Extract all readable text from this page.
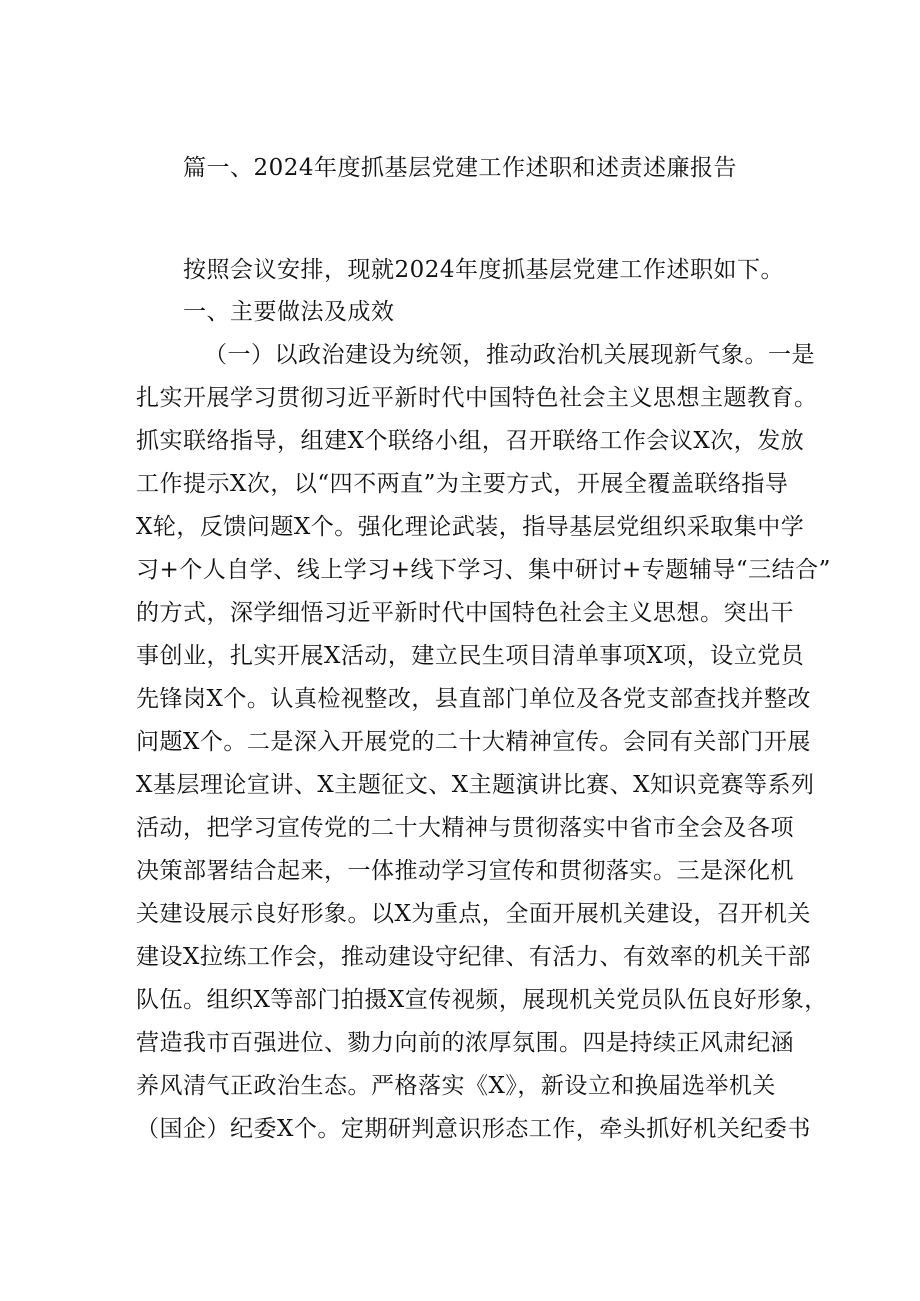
篇一、2024年度抓基层党建工作述职和述责述廉报告
按照会议安排，现就2024年度抓基层党建工作述职如下。
一、主要做法及成效
（一）以政治建设为统领，推动政治机关展现新气象。一是
扎实开展学习贯彻习近平新时代中国特色社会主义思想主题教育。
抓实联络指导，组建X个联络小组，召开联络工作会议X次，发放
工作提示X次，以“四不两直”为主要方式，开展全覆盖联络指导
X轮，反馈问题X个。强化理论武装，指导基层党组织采取集中学
习+个人自学、线上学习+线下学习、集中研讨+专题辅导“三结合”
的方式，深学细悟习近平新时代中国特色社会主义思想。突出干
事创业，扎实开展X活动，建立民生项目清单事项X项，设立党员
先锋岗X个。认真检视整改，县直部门单位及各党支部查找并整改
问题X个。二是深入开展党的二十大精神宣传。会同有关部门开展
X基层理论宣讲、X主题征文、X主题演讲比赛、X知识竞赛等系列
活动，把学习宣传党的二十大精神与贯彻落实中省市全会及各项
决策部署结合起来，一体推动学习宣传和贯彻落实。三是深化机
关建设展示良好形象。以X为重点，全面开展机关建设，召开机关
建设X拉练工作会，推动建设守纪律、有活力、有效率的机关干部
队伍。组织X等部门拍摄X宣传视频，展现机关党员队伍良好形象，
营造我市百强进位、勠力向前的浓厚氛围。四是持续正风肃纪涵
养风清气正政治生态。严格落实《X》，新设立和换届选举机关
（国企）纪委X个。定期研判意识形态工作，牵头抓好机关纪委书
